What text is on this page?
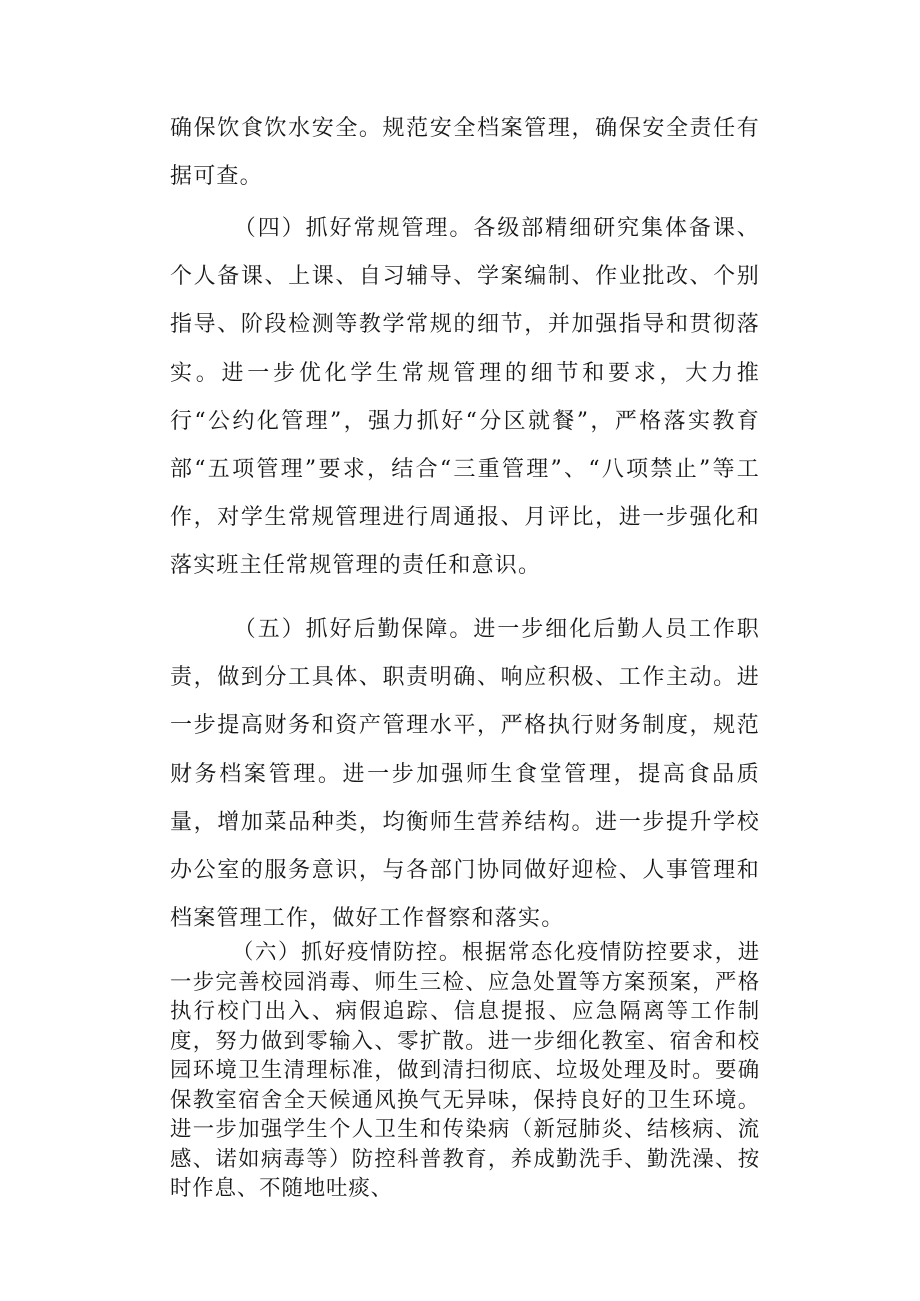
确保饮食饮水安全。规范安全档案管理，确保安全责任有据可查。

（四）抓好常规管理。各级部精细研究集体备课、个人备课、上课、自习辅导、学案编制、作业批改、个别指导、阶段检测等教学常规的细节，并加强指导和贯彻落实。进一步优化学生常规管理的细节和要求，大力推行“公约化管理”，强力抓好“分区就餐”，严格落实教育部“五项管理”要求，结合“三重管理”、“八项禁止”等工作，对学生常规管理进行周通报、月评比，进一步强化和落实班主任常规管理的责任和意识。

（五）抓好后勤保障。进一步细化后勤人员工作职责，做到分工具体、职责明确、响应积极、工作主动。进一步提高财务和资产管理水平，严格执行财务制度，规范财务档案管理。进一步加强师生食堂管理，提高食品质量，增加菜品种类，均衡师生营养结构。进一步提升学校办公室的服务意识，与各部门协同做好迎检、人事管理和档案管理工作，做好工作督察和落实。

（六）抓好疫情防控。根据常态化疫情防控要求，进一步完善校园消毒、师生三检、应急处置等方案预案，严格执行校门出入、病假追踪、信息提报、应急隔离等工作制度，努力做到零输入、零扩散。进一步细化教室、宿舍和校园环境卫生清理标准，做到清扫彻底、垃圾处理及时。要确保教室宿舍全天候通风换气无异味，保持良好的卫生环境。进一步加强学生个人卫生和传染病（新冠肺炎、结核病、流感、诺如病毒等）防控科普教育，养成勤洗手、勤洗澡、按时作息、不随地吐痰、
